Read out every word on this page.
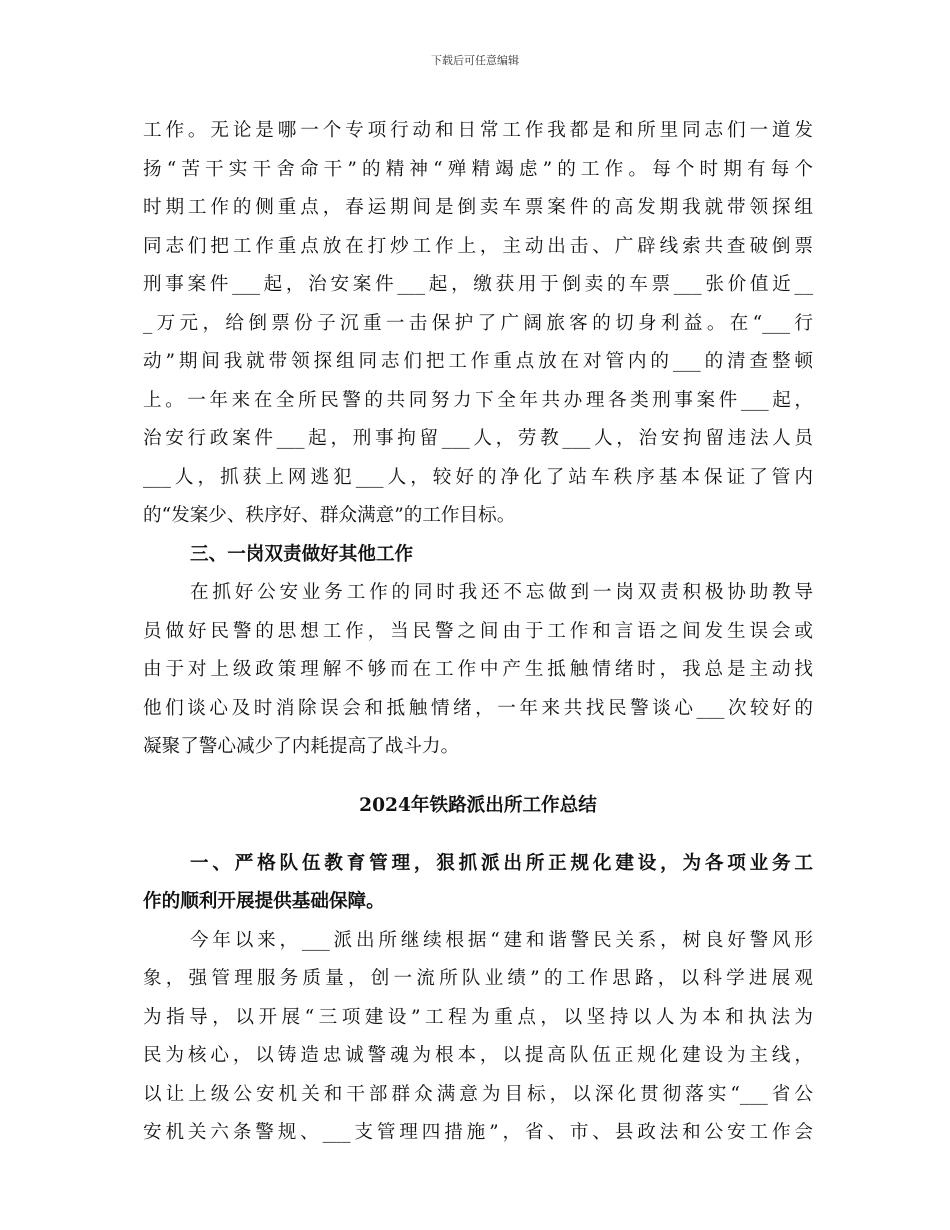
下载后可任意编辑
工作。无论是哪一个专项行动和日常工作我都是和所里同志们一道发
扬“苦干实干舍命干”的精神“殚精竭虑”的工作。每个时期有每个
时期工作的侧重点，春运期间是倒卖车票案件的高发期我就带领探组
同志们把工作重点放在打炒工作上，主动出击、广辟线索共查破倒票
刑事案件___起，治安案件___起，缴获用于倒卖的车票___张价值近__
_万元，给倒票份子沉重一击保护了广阔旅客的切身利益。在“___行
动”期间我就带领探组同志们把工作重点放在对管内的___的清查整顿
上。一年来在全所民警的共同努力下全年共办理各类刑事案件___起，
治安行政案件___起，刑事拘留___人，劳教___人，治安拘留违法人员
___人，抓获上网逃犯___人，较好的净化了站车秩序基本保证了管内
的“发案少、秩序好、群众满意”的工作目标。
三、一岗双责做好其他工作
在抓好公安业务工作的同时我还不忘做到一岗双责积极协助教导
员做好民警的思想工作，当民警之间由于工作和言语之间发生误会或
由于对上级政策理解不够而在工作中产生抵触情绪时，我总是主动找
他们谈心及时消除误会和抵触情绪，一年来共找民警谈心___次较好的
凝聚了警心减少了内耗提高了战斗力。
2024年铁路派出所工作总结
一、严格队伍教育管理，狠抓派出所正规化建设，为各项业务工
作的顺利开展提供基础保障。
今年以来，___派出所继续根据“建和谐警民关系，树良好警风形
象，强管理服务质量，创一流所队业绩”的工作思路，以科学进展观
为指导，以开展“三项建设”工程为重点，以坚持以人为本和执法为
民为核心，以铸造忠诚警魂为根本，以提高队伍正规化建设为主线，
以让上级公安机关和干部群众满意为目标，以深化贯彻落实“___省公
安机关六条警规、___支管理四措施”，省、市、县政法和公安工作会
